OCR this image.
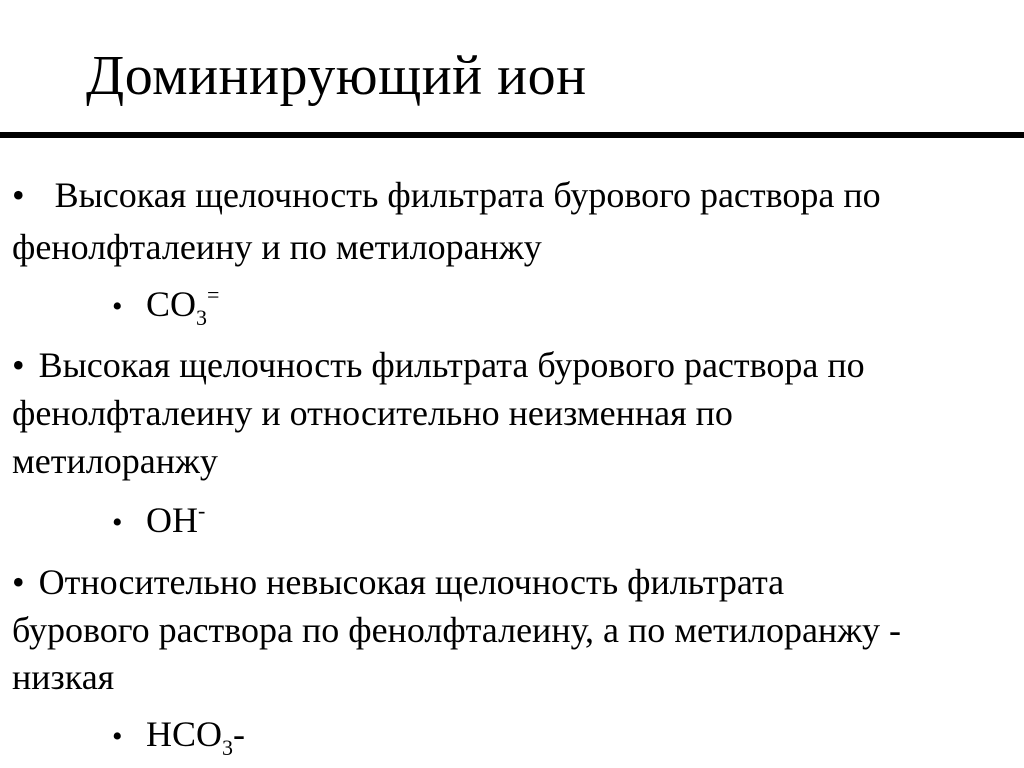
Доминирующий ион
• Высокая щелочность фильтрата бурового раствора по
фенолфталеину и по метилоранжу
• $CO_3^=$
• Высокая щелочность фильтрата бурового раствора по
фенолфталеину и относительно неизменная по
метилоранжу
• OH-
• Относительно невысокая щелочность фильтрата
бурового раствора по фенолфталеину, а по метилоранжу -
низкая
• $HCO_3-$
